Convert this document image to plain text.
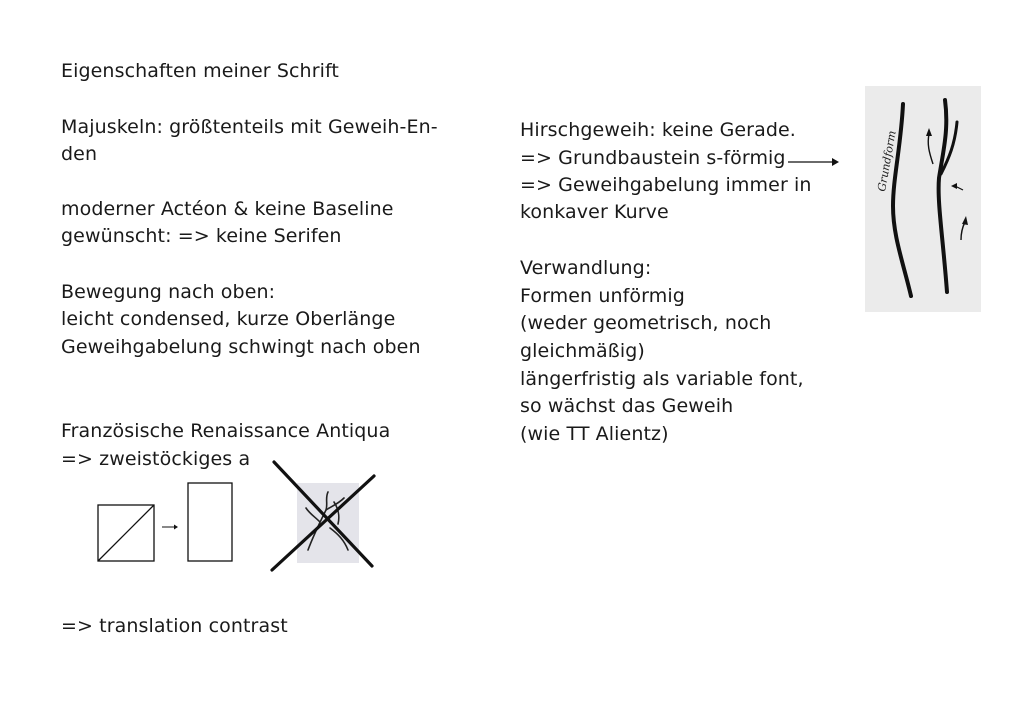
Eigenschaften meiner Schrift
Majuskeln: größtenteils mit Geweih-En-
den
moderner Actéon & keine Baseline
gewünscht: => keine Serifen
Bewegung nach oben:
leicht condensed, kurze Oberlänge
Geweihgabelung schwingt nach oben
Französische Renaissance Antiqua
=> zweistöckiges a
=> translation contrast
Hirschgeweih: keine Gerade.
=> Grundbaustein s-förmig
=> Geweihgabelung immer in
konkaver Kurve
Verwandlung:
Formen unförmig
(weder geometrisch, noch
gleichmäßig)
längerfristig als variable font,
so wächst das Geweih
(wie TT Alientz)
Grundform
